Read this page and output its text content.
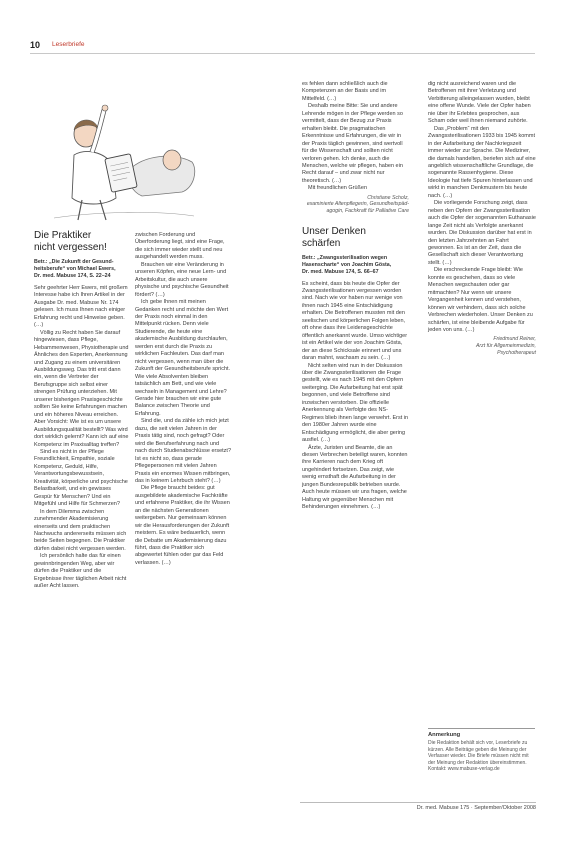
10 Leserbriefe
Die Praktiker
nicht vergessen!
Betr.: „Die Zukunft der Gesund-
heitsberufe“ von Michael Ewers,
Dr. med. Mabuse 174, S. 22–24

Sehr geehrter Herr Ewers, mit großem Interesse habe ich Ihren Artikel in der Ausgabe Dr. med. Mabuse Nr. 174 gelesen. Ich muss Ihnen nach einiger Erfahrung recht und Hinweise geben. (…)

Völlig zu Recht haben Sie darauf hingewiesen, dass Pflege, Hebammenwesen, Physiotherapie und Ähnliches den Experten, Anerkennung und Zugang zu einem universitären Ausbildungsweg. Das tritt erst dann ein, wenn die Vertreter der Berufsgruppe sich selbst einer strengen Prüfung unterziehen. Mit unserer bisherigen Praxisgeschichte sollten Sie keine Erfahrungen machen und ein höheres Niveau erreichen. Aber Vorsicht: Wie ist es um unsere Ausbildungsqualität bestellt? Was wird dort wirklich gelernt? Kann ich auf eine Kompetenz im Praxisalltag treffen?

Sind es nicht in der Pflege Freundlichkeit, Empathie, soziale Kompetenz, Geduld, Hilfe, Verantwortungsbewusstsein, Kreativität, körperliche und psychische Belastbarkeit, und ein gewisses Gespür für Menschen? Und ein Mitgefühl und Hilfe für Schmerzen?

In dem Dilemma zwischen zunehmender Akademisierung einerseits und dem praktischen Nachwuchs andererseits müssen sich beide Seiten begegnen. Die Praktiker dürfen dabei nicht vergessen werden.

Ich persönlich halte das für einen gewinnbringenden Weg, aber wir dürfen die Praktiker und die Ergebnisse ihrer täglichen Arbeit nicht außer Acht lassen.

zwischen Forderung und Überforderung liegt, sind eine Frage, die sich immer wieder stellt und neu ausgehandelt werden muss.

Brauchen wir eine Veränderung in unseren Köpfen, eine neue Lern- und Arbeitskultur, die auch unsere physische und psychische Gesundheit fördert? (…)

Ich gebe Ihnen mit meinen Gedanken recht und möchte den Wert der Praxis noch einmal in den Mittelpunkt rücken. Denn viele Studierende, die heute eine akademische Ausbildung durchlaufen, werden erst durch die Praxis zu wirklichen Fachleuten. Das darf man nicht vergessen, wenn man über die Zukunft der Gesundheitsberufe spricht. Wie viele Absolventen bleiben tatsächlich am Bett, und wie viele wechseln in Management und Lehre? Gerade hier brauchen wir eine gute Balance zwischen Theorie und Erfahrung.

Sind die, und da zähle ich mich jetzt dazu, die seit vielen Jahren in der Praxis tätig sind, noch gefragt? Oder wird die Berufserfahrung nach und nach durch Studienabschlüsse ersetzt? Ist es nicht so, dass gerade Pflegepersonen mit vielen Jahren Praxis ein enormes Wissen mitbringen, das in keinem Lehrbuch steht? (…)

Die Pflege braucht beides: gut ausgebildete akademische Fachkräfte und erfahrene Praktiker, die ihr Wissen an die nächsten Generationen weitergeben. Nur gemeinsam können wir die Herausforderungen der Zukunft meistern. Es wäre bedauerlich, wenn die Debatte um Akademisierung dazu führt, dass die Praktiker sich abgewertet fühlen oder gar das Feld verlassen. (…)

es fehlen dann schließlich auch die Kompetenzen an der Basis und im Mittelfeld. (…)

Deshalb meine Bitte: Sie und andere Lehrende mögen in der Pflege werden so vermittelt, dass der Bezug zur Praxis erhalten bleibt. Die pragmatischen Erkenntnisse und Erfahrungen, die wir in der Praxis täglich gewinnen, sind wertvoll für die Wissenschaft und sollten nicht verloren gehen. Ich denke, auch die Menschen, welche wir pflegen, haben ein Recht darauf – und zwar nicht nur theoretisch. (…)

Mit freundlichen Grüßen

Christiane Scholz,
examinierte Altenpflegerin, Gesundheitspäd-
agogin, Fachkraft für Palliative Care
Unser Denken
schärfen
Betr.: „Zwangssterilisation wegen
Hasenscharte“ von Joachim Gösta,
Dr. med. Mabuse 174, S. 66–67

Es scheint, dass bis heute die Opfer der Zwangssterilisationen vergessen worden sind. Nach wie vor haben nur wenige von ihnen nach 1945 eine Entschädigung erhalten. Die Betroffenen mussten mit den seelischen und körperlichen Folgen leben, oft ohne dass ihre Leidensgeschichte öffentlich anerkannt wurde. Umso wichtiger ist ein Artikel wie der von Joachim Gösta, der an diese Schicksale erinnert und uns daran mahnt, wachsam zu sein. (…)

Nicht selten wird nun in der Diskussion über die Zwangssterilisationen die Frage gestellt, wie es nach 1945 mit den Opfern weiterging. Die Aufarbeitung hat erst spät begonnen, und viele Betroffene sind inzwischen verstorben. Die offizielle Anerkennung als Verfolgte des NS-Regimes blieb ihnen lange verwehrt. Erst in den 1980er Jahren wurde eine Entschädigung ermöglicht, die aber gering ausfiel. (…)

Ärzte, Juristen und Beamte, die an diesen Verbrechen beteiligt waren, konnten ihre Karrieren nach dem Krieg oft ungehindert fortsetzen. Das zeigt, wie wenig ernsthaft die Aufarbeitung in der jungen Bundesrepublik betrieben wurde. Auch heute müssen wir uns fragen, welche Haltung wir gegenüber Menschen mit Behinderungen einnehmen. (…)

dig nicht ausreichend waren und die Betroffenen mit ihrer Verletzung und Verbitterung alleingelassen wurden, bleibt eine offene Wunde. Viele der Opfer haben nie über ihr Erlebtes gesprochen, aus Scham oder weil ihnen niemand zuhörte.

Das „Problem“ mit den Zwangssterilisationen 1933 bis 1945 kommt in der Aufarbeitung der Nachkriegszeit immer wieder zur Sprache. Die Mediziner, die damals handelten, beriefen sich auf eine angeblich wissenschaftliche Grundlage, die sogenannte Rassenhygiene. Diese Ideologie hat tiefe Spuren hinterlassen und wirkt in manchen Denkmustern bis heute nach. (…)

Die vorliegende Forschung zeigt, dass neben den Opfern der Zwangssterilisation auch die Opfer der sogenannten Euthanasie lange Zeit nicht als Verfolgte anerkannt wurden. Die Diskussion darüber hat erst in den letzten Jahrzehnten an Fahrt gewonnen. Es ist an der Zeit, dass die Gesellschaft sich dieser Verantwortung stellt. (…)

Die erschreckende Frage bleibt: Wie konnte es geschehen, dass so viele Menschen wegschauten oder gar mitmachten? Nur wenn wir unsere Vergangenheit kennen und verstehen, können wir verhindern, dass sich solche Verbrechen wiederholen. Unser Denken zu schärfen, ist eine bleibende Aufgabe für jeden von uns. (…)

Friedmund Reiner,
Arzt für Allgemeinmedizin,
Psychotherapeut
Anmerkung
Die Redaktion behält sich vor, Leserbriefe zu kürzen. Alle Beiträge geben die Meinung der Verfasser wieder. Die Briefe müssen nicht mit der Meinung der Redaktion übereinstimmen. Kontakt: www.mabuse-verlag.de
Dr. med. Mabuse 175 · September/Oktober 2008
